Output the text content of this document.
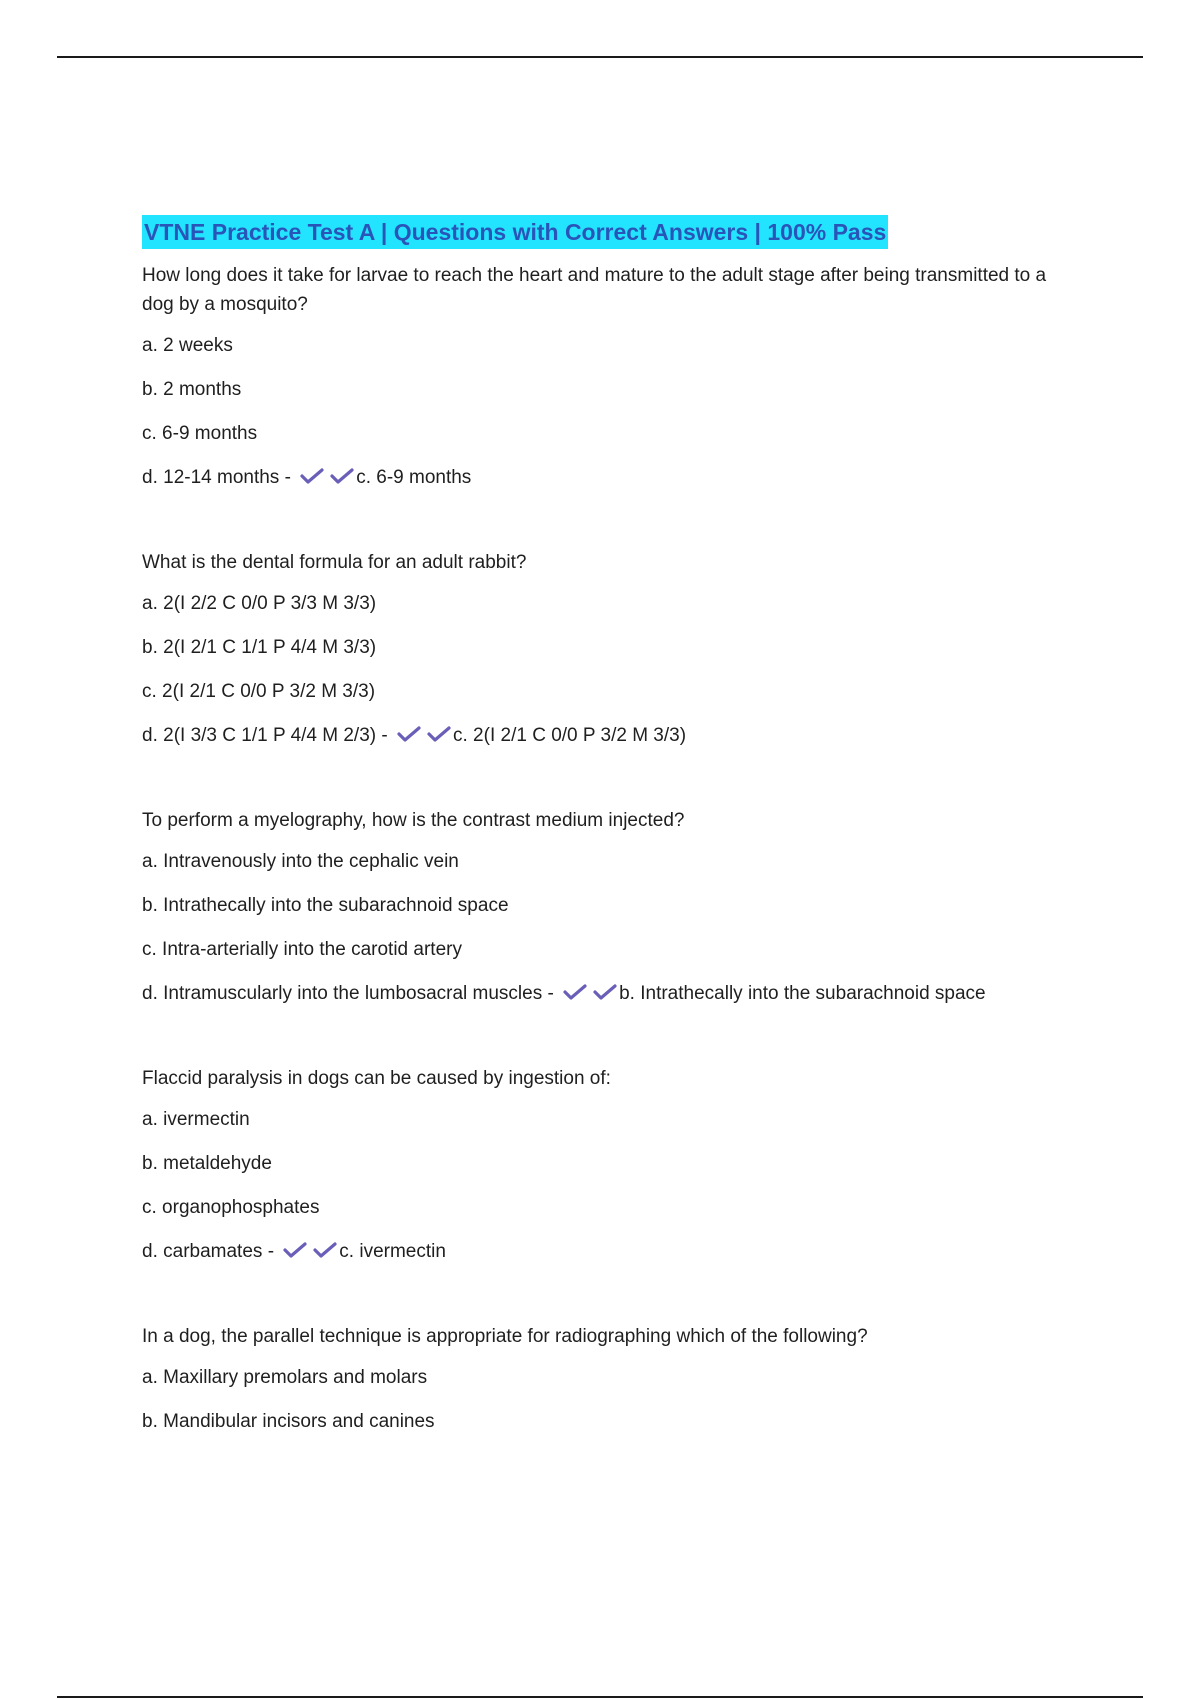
VTNE Practice Test A | Questions with Correct Answers | 100% Pass

How long does it take for larvae to reach the heart and mature to the adult stage after being transmitted to a dog by a mosquito?

a. 2 weeks

b. 2 months

c. 6-9 months

d. 12-14 months -	c. 6-9 months

What is the dental formula for an adult rabbit?

a. 2(I 2/2 C 0/0 P 3/3 M 3/3)

b. 2(I 2/1 C 1/1 P 4/4 M 3/3)

c. 2(I 2/1 C 0/0 P 3/2 M 3/3)

d. 2(I 3/3 C 1/1 P 4/4 M 2/3) -	c. 2(I 2/1 C 0/0 P 3/2 M 3/3)

To perform a myelography, how is the contrast medium injected?

a. Intravenously into the cephalic vein

b. Intrathecally into the subarachnoid space

c. Intra-arterially into the carotid artery

d. Intramuscularly into the lumbosacral muscles -	b. Intrathecally into the subarachnoid space

Flaccid paralysis in dogs can be caused by ingestion of:

a. ivermectin

b. metaldehyde

c. organophosphates

d. carbamates -	c. ivermectin

In a dog, the parallel technique is appropriate for radiographing which of the following?

a. Maxillary premolars and molars

b. Mandibular incisors and canines
